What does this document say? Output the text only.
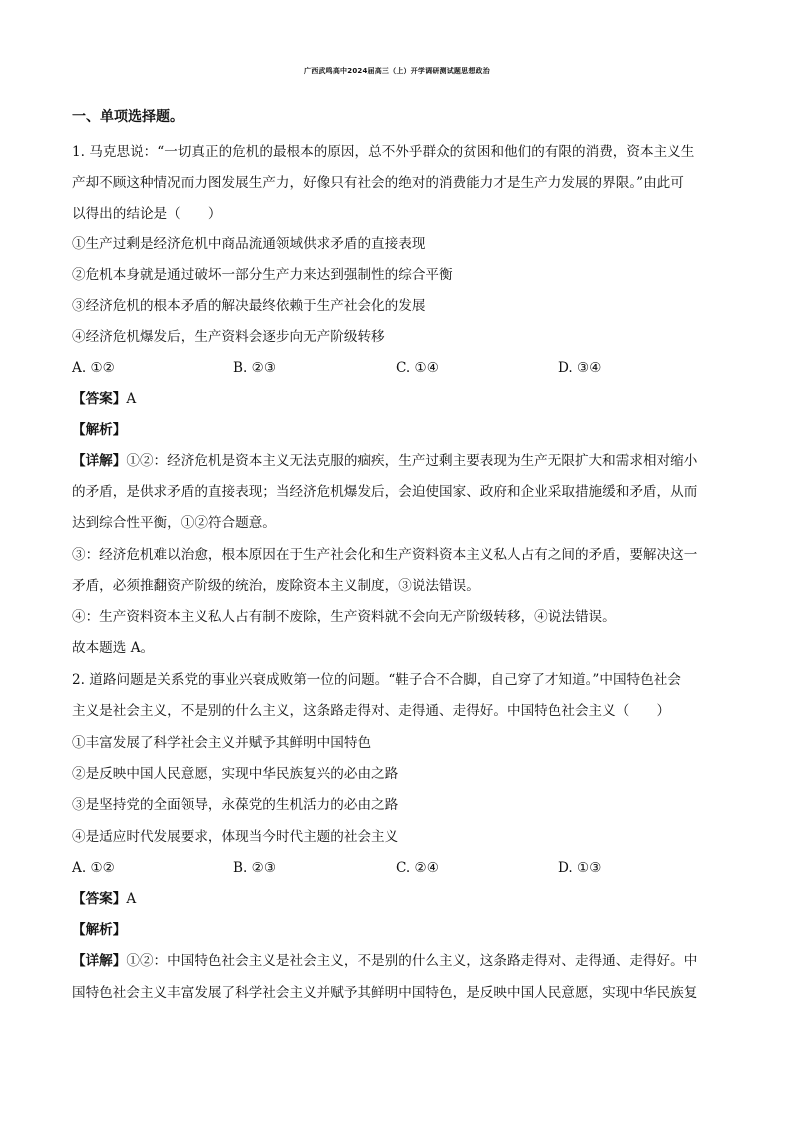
广西武鸣高中2024届高三（上）开学调研测试题思想政治
一、单项选择题。
1. 马克思说：“一切真正的危机的最根本的原因，总不外乎群众的贫困和他们的有限的消费，资本主义生
产却不顾这种情况而力图发展生产力，好像只有社会的绝对的消费能力才是生产力发展的界限。”由此可
以得出的结论是（　　）
①生产过剩是经济危机中商品流通领域供求矛盾的直接表现
②危机本身就是通过破坏一部分生产力来达到强制性的综合平衡
③经济危机的根本矛盾的解决最终依赖于生产社会化的发展
④经济危机爆发后，生产资料会逐步向无产阶级转移
A. ①②	B. ②③	C. ①④	D. ③④
【答案】A
【解析】
【详解】①②：经济危机是资本主义无法克服的痼疾，生产过剩主要表现为生产无限扩大和需求相对缩小
的矛盾，是供求矛盾的直接表现；当经济危机爆发后，会迫使国家、政府和企业采取措施缓和矛盾，从而
达到综合性平衡，①②符合题意。
③：经济危机难以治愈，根本原因在于生产社会化和生产资料资本主义私人占有之间的矛盾，要解决这一
矛盾，必须推翻资产阶级的统治，废除资本主义制度，③说法错误。
④：生产资料资本主义私人占有制不废除，生产资料就不会向无产阶级转移，④说法错误。
故本题选 A。
2. 道路问题是关系党的事业兴衰成败第一位的问题。“鞋子合不合脚，自己穿了才知道。”中国特色社会
主义是社会主义，不是别的什么主义，这条路走得对、走得通、走得好。中国特色社会主义（　　）
①丰富发展了科学社会主义并赋予其鲜明中国特色
②是反映中国人民意愿，实现中华民族复兴的必由之路
③是坚持党的全面领导，永葆党的生机活力的必由之路
④是适应时代发展要求，体现当今时代主题的社会主义
A. ①②	B. ②③	C. ②④	D. ①③
【答案】A
【解析】
【详解】①②：中国特色社会主义是社会主义，不是别的什么主义，这条路走得对、走得通、走得好。中
国特色社会主义丰富发展了科学社会主义并赋予其鲜明中国特色，是反映中国人民意愿，实现中华民族复
